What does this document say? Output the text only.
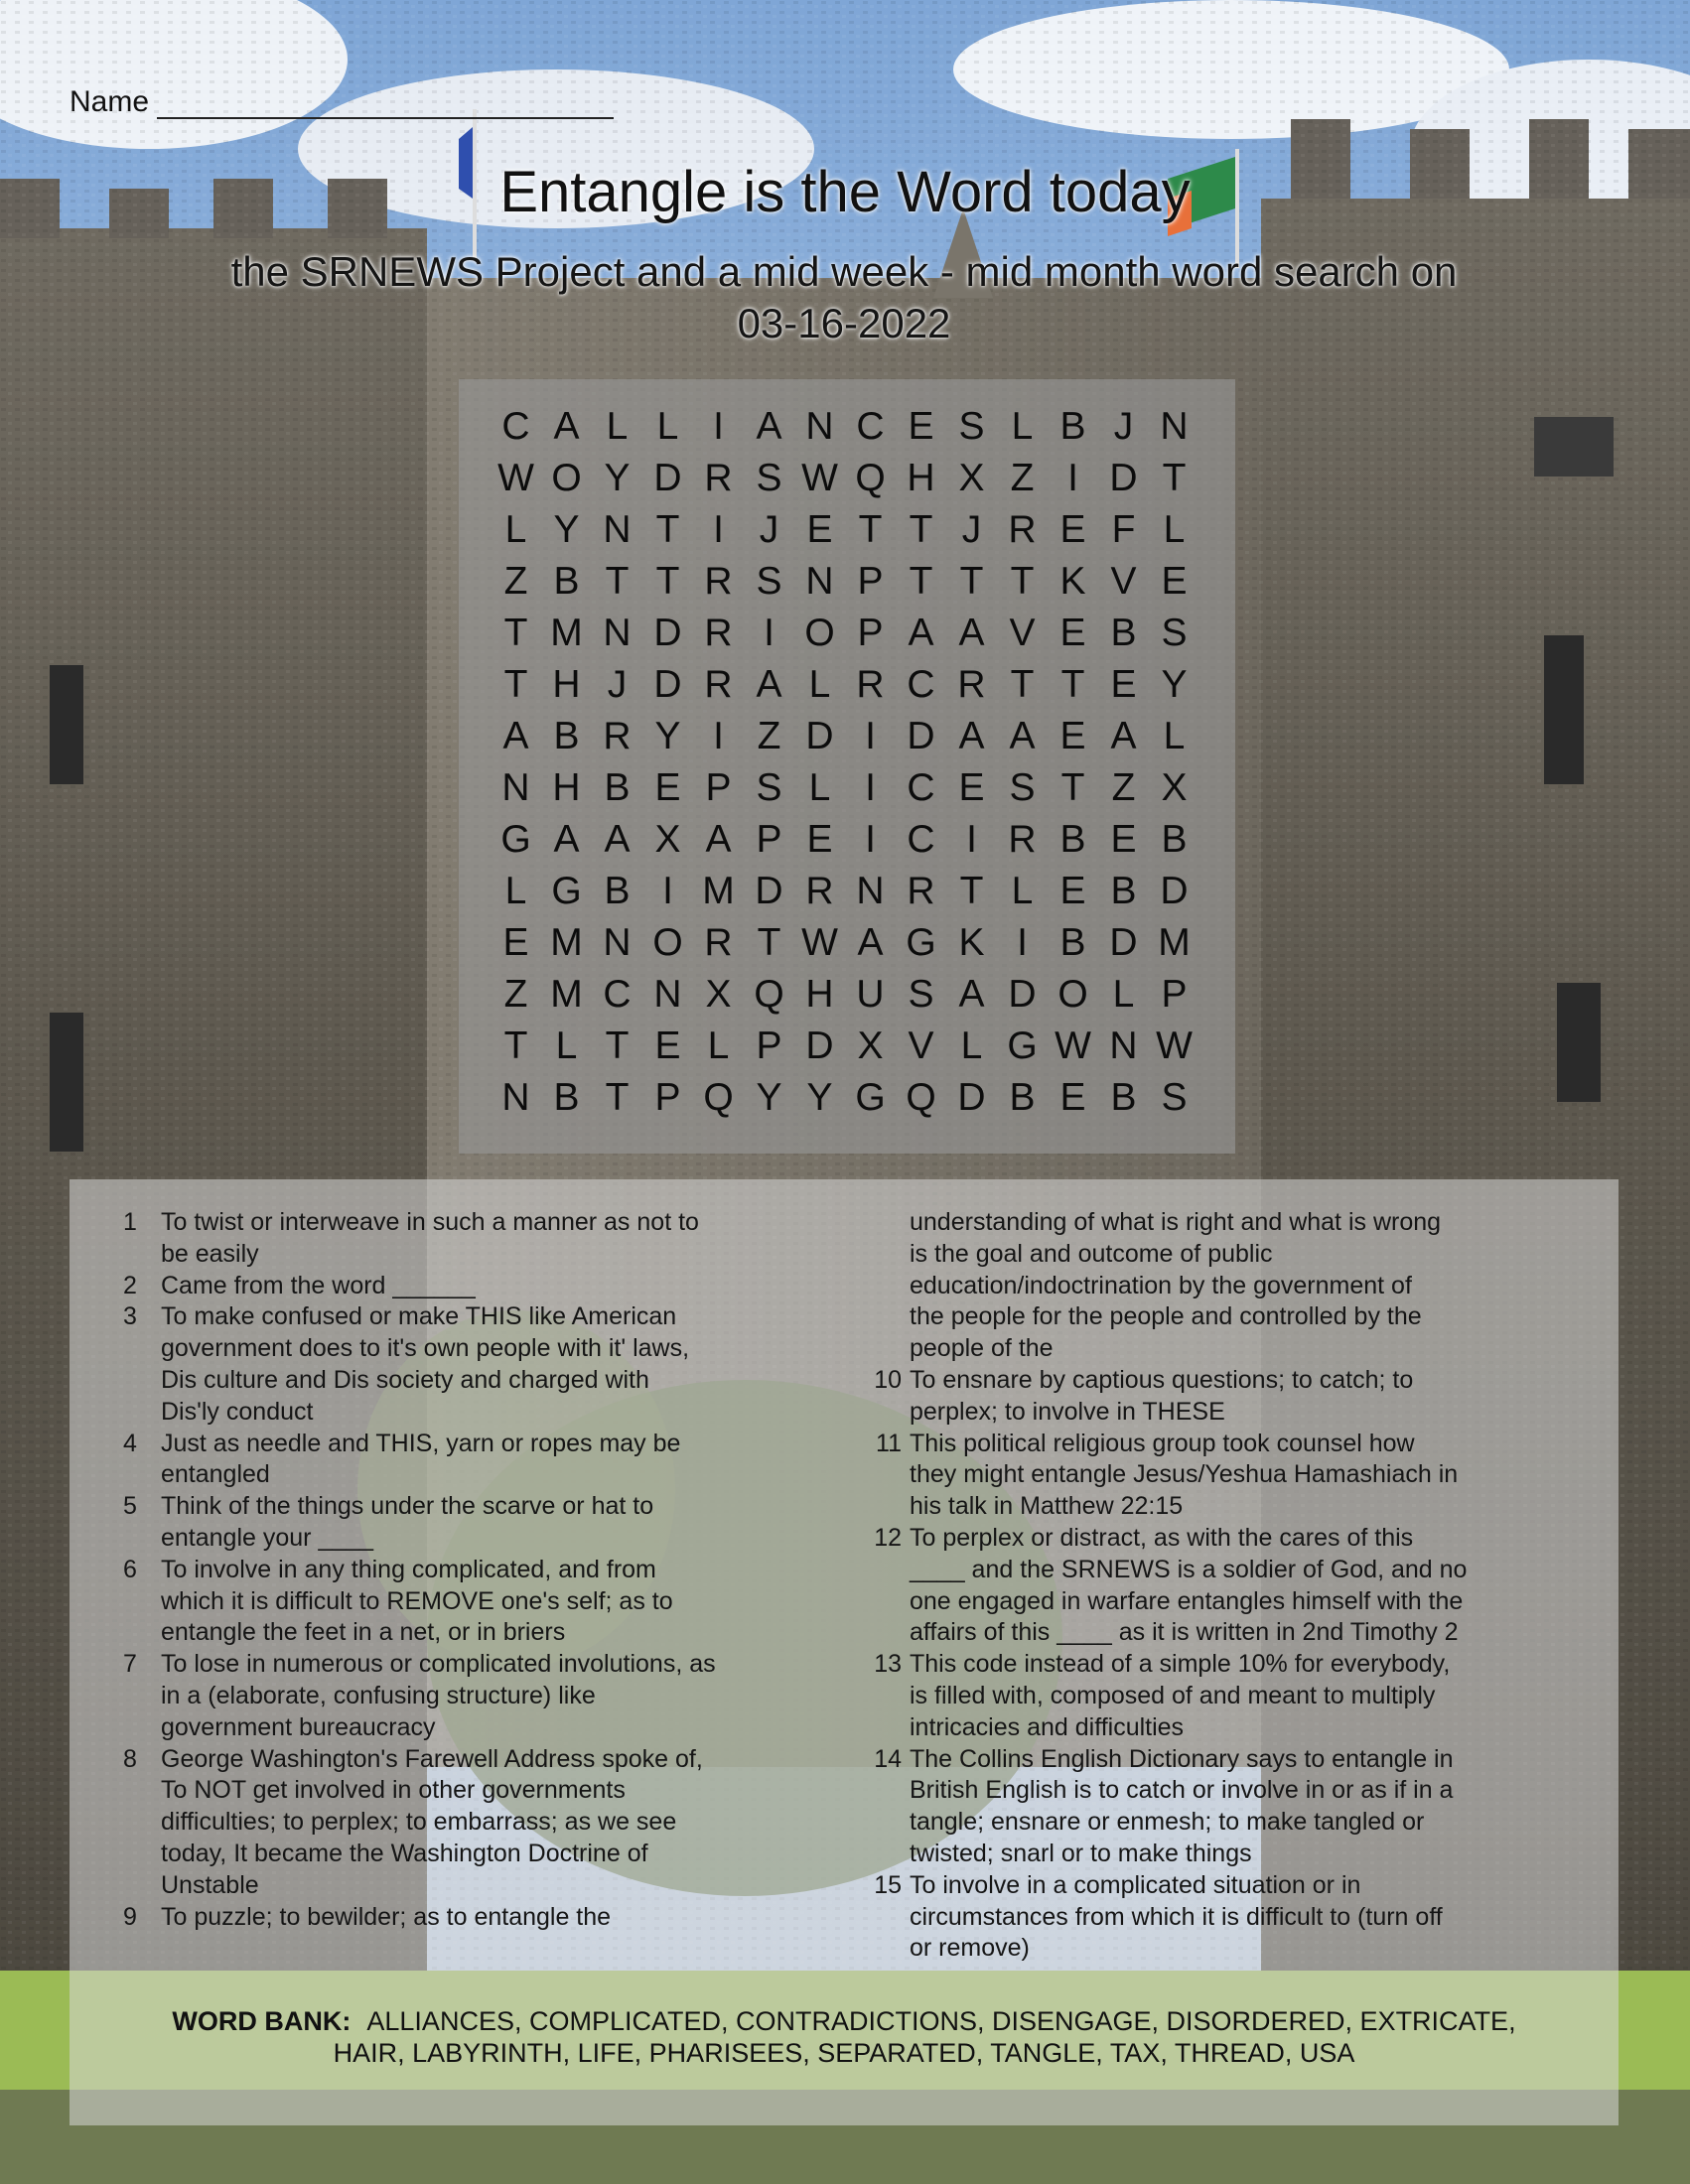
Name
Entangle is the Word today
the SRNEWS Project and a mid week - mid month word search on
03-16-2022
C A L L I A N C E S L B J N
W O Y D R S W Q H X Z I D T
L Y N T I J E T T J R E F L
Z B T T R S N P T T T K V E
T M N D R I O P A A V E B S
T H J D R A L R C R T T E Y
A B R Y I Z D I D A A E A L
N H B E P S L I C E S T Z X
G A A X A P E I C I R B E B
L G B I M D R N R T L E B D
E M N O R T W A G K I B D M
Z M C N X Q H U S A D O L P
T L T E L P D X V L G W N W
N B T P Q Y Y G Q D B E B S
1 To twist or interweave in such a manner as not to
be easily
2 Came from the word ______
3 To make confused or make THIS like American
government does to it's own people with it' laws,
Dis culture and Dis society and charged with
Dis'ly conduct
4 Just as needle and THIS, yarn or ropes may be
entangled
5 Think of the things under the scarve or hat to
entangle your ____
6 To involve in any thing complicated, and from
which it is difficult to REMOVE one's self; as to
entangle the feet in a net, or in briers
7 To lose in numerous or complicated involutions, as
in a (elaborate, confusing structure) like
government bureaucracy
8 George Washington's Farewell Address spoke of,
To NOT get involved in other governments
difficulties; to perplex; to embarrass; as we see
today, It became the Washington Doctrine of
Unstable
9 To puzzle; to bewilder; as to entangle the
understanding of what is right and what is wrong
is the goal and outcome of public
education/indoctrination by the government of
the people for the people and controlled by the
people of the
10 To ensnare by captious questions; to catch; to
perplex; to involve in THESE
11 This political religious group took counsel how
they might entangle Jesus/Yeshua Hamashiach in
his talk in Matthew 22:15
12 To perplex or distract, as with the cares of this
____ and the SRNEWS is a soldier of God, and no
one engaged in warfare entangles himself with the
affairs of this ____ as it is written in 2nd Timothy 2
13 This code instead of a simple 10% for everybody,
is filled with, composed of and meant to multiply
intricacies and difficulties
14 The Collins English Dictionary says to entangle in
British English is to catch or involve in or as if in a
tangle; ensnare or enmesh; to make tangled or
twisted; snarl or to make things
15 To involve in a complicated situation or in
circumstances from which it is difficult to (turn off
or remove)
WORD BANK: ALLIANCES, COMPLICATED, CONTRADICTIONS, DISENGAGE, DISORDERED, EXTRICATE,
HAIR, LABYRINTH, LIFE, PHARISEES, SEPARATED, TANGLE, TAX, THREAD, USA
